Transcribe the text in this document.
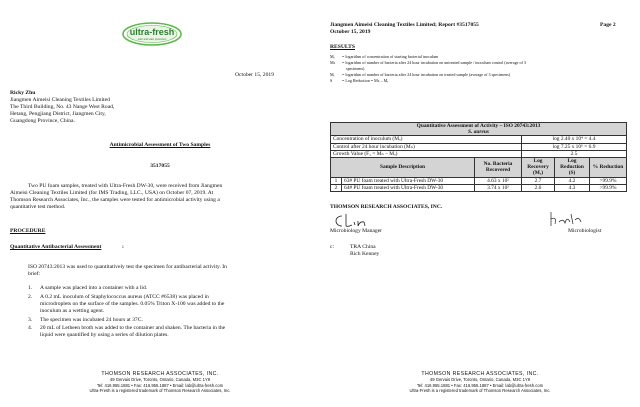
ultra-fresh
odor and stain protection
October 15, 2019
Ricky Zhu
Jiangmen Aimeisi Cleaning Textiles Limited
The Third Building, No. 43 Nange West Road,
Hetang, Pengjiang District, Jiangmen City,
Guangdong Province, China.
Antimicrobial Assessment of Two Samples
3517055
Two PU foam samples, treated with Ultra-Fresh DW-30, were received from Jiangmen
Aimeisi Cleaning Textiles Limited (for IMS Trading, LLC., USA) on October 07, 2019. At
Thomson Research Associates, Inc., the samples were tested for antimicrobial activity using a
quantitative test method.
PROCEDURE
Quantitative Antibacterial Assessment	:
ISO 20743:2013 was used to quantitatively test the specimen for antibacterial activity. In
brief:
1. A sample was placed into a container with a lid.
2. A 0.2 mL inoculum of Staphylococcus aureus (ATCC #6538) was placed in
microdroplets on the surface of the samples. 0.05% Triton X-100 was added to the
inoculum as a wetting agent.
3. The specimen was incubated 24 hours at 37C.
4. 20 mL of Letheen broth was added to the container and shaken. The bacteria in the
liquid were quantified by using a series of dilution plates.
THOMSON RESEARCH ASSOCIATES, INC.
49 Gervais Drive, Toronto, Ontario, Canada, M3C 1Y9
Tel: 416.955.1881 • Fax: 416.955.1887 • Email: lab@ultra-fresh.com
Ultra-Fresh is a registered trademark of Thomson Research Associates, Inc.
Jiangmen Aimeisi Cleaning Textiles Limited; Report #3517055	Page 2
October 15, 2019
RESULTS
Mₒ = logarithm of concentration of starting bacterial inoculum
Mₕ = logarithm of number of bacteria after 24 hour incubation on untreated sample / inoculum control (average of 3
specimens)
Mᵣ = logarithm of number of bacteria after 24 hour incubation on treated sample (average of 3 specimens)
S = Log Reduction = Mₕ – Mᵣ
Quantitative Assessment of Activity – ISO 20743:2013
S. aureus					

Concentration of inoculum (Mₒ)			log 2.40 x 10⁴ = 4.4		
Control after 24 hour incubation (Mₕ)			log 7.25 x 10⁶ = 6.9		
Growth Value (F₁ = Mₕ – Mₒ)			2.5		
Sample Description		No. Bacteria Recovered	Log Recovery (Mᵣ)	Log Reduction (S)	% Reduction
1	63# PU foam treated with Ultra-Fresh DW-30	4.63 x 10²	2.7	4.2	>99.9%
2	64# PU foam treated with Ultra-Fresh DW-30	3.74 x 10²	2.6	4.3	>99.9%
THOMSON RESEARCH ASSOCIATES, INC.
Microbiology Manager	Microbiologist
c:	TRA China
Rich Kenney
THOMSON RESEARCH ASSOCIATES, INC.
49 Gervais Drive, Toronto, Ontario, Canada, M3C 1Y9
Tel: 416.955.1881 • Fax: 416.955.1887 • Email: lab@ultra-fresh.com
Ultra-Fresh is a registered trademark of Thomson Research Associates, Inc.
